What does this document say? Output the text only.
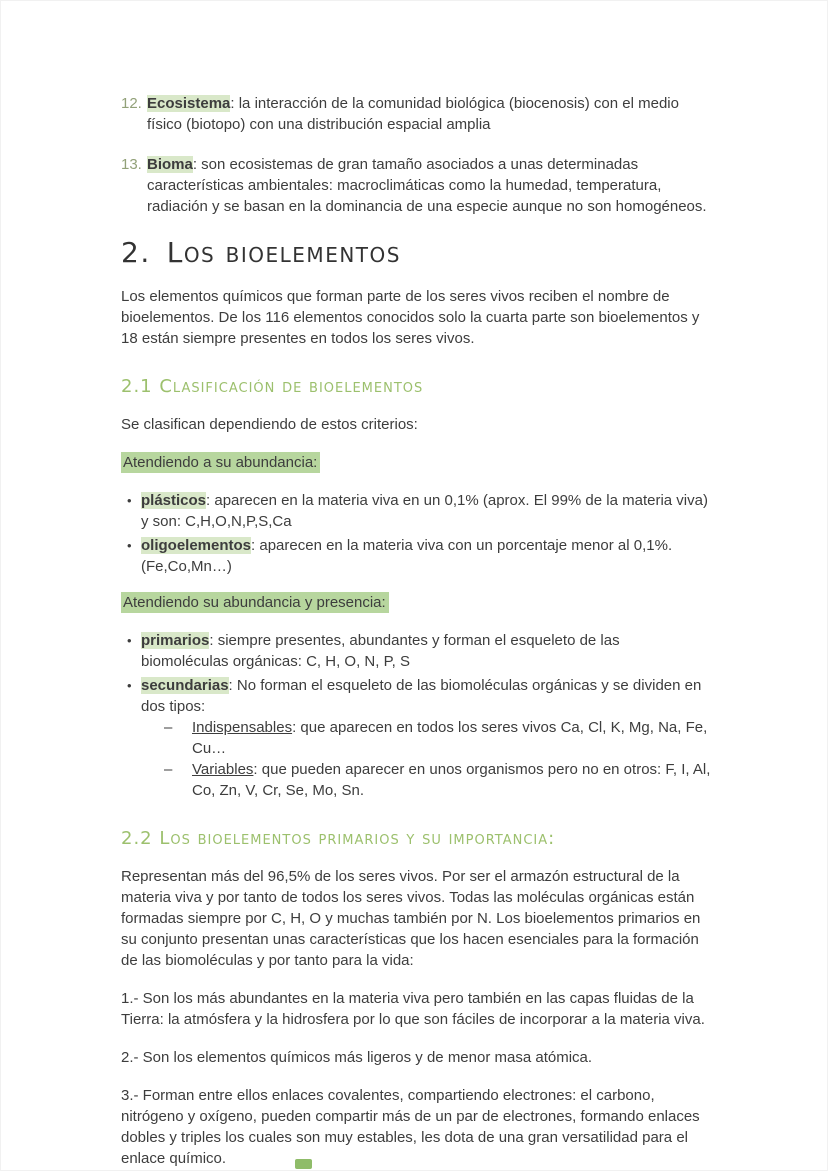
12. Ecosistema: la interacción de la comunidad biológica (biocenosis) con el medio físico (biotopo) con una distribución espacial amplia
13. Bioma: son ecosistemas de gran tamaño asociados a unas determinadas características ambientales: macroclimáticas como la humedad, temperatura, radiación y se basan en la dominancia de una especie aunque no son homogéneos.
2. Los bioelementos

Los elementos químicos que forman parte de los seres vivos reciben el nombre de bioelementos. De los 116 elementos conocidos solo la cuarta parte son bioelementos y 18 están siempre presentes en todos los seres vivos.

2.1 Clasificación de bioelementos

Se clasifican dependiendo de estos criterios:

Atendiendo a su abundancia:

• plásticos: aparecen en la materia viva en un 0,1% (aprox. El 99% de la materia viva) y son: C,H,O,N,P,S,Ca
• oligoelementos: aparecen en la materia viva con un porcentaje menor al 0,1%. (Fe,Co,Mn…)

Atendiendo su abundancia y presencia:

• primarios: siempre presentes, abundantes y forman el esqueleto de las biomoléculas orgánicas: C, H, O, N, P, S
• secundarias: No forman el esqueleto de las biomoléculas orgánicas y se dividen en dos tipos:
–	Indispensables: que aparecen en todos los seres vivos Ca, Cl, K, Mg, Na, Fe, Cu…
–	Variables: que pueden aparecer en unos organismos pero no en otros: F, I, Al, Co, Zn, V, Cr, Se, Mo, Sn.
2.2 Los bioelementos primarios y su importancia:

Representan más del 96,5% de los seres vivos. Por ser el armazón estructural de la materia viva y por tanto de todos los seres vivos. Todas las moléculas orgánicas están formadas siempre por C, H, O y muchas también por N. Los bioelementos primarios en su conjunto presentan unas características que los hacen esenciales para la formación de las biomoléculas y por tanto para la vida:

1.- Son los más abundantes en la materia viva pero también en las capas fluidas de la Tierra: la atmósfera y la hidrosfera por lo que son fáciles de incorporar a la materia viva.

2.- Son los elementos químicos más ligeros y de menor masa atómica.

3.- Forman entre ellos enlaces covalentes, compartiendo electrones: el carbono, nitrógeno y oxígeno, pueden compartir más de un par de electrones, formando enlaces dobles y triples los cuales son muy estables, les dota de una gran versatilidad para el enlace químico.
